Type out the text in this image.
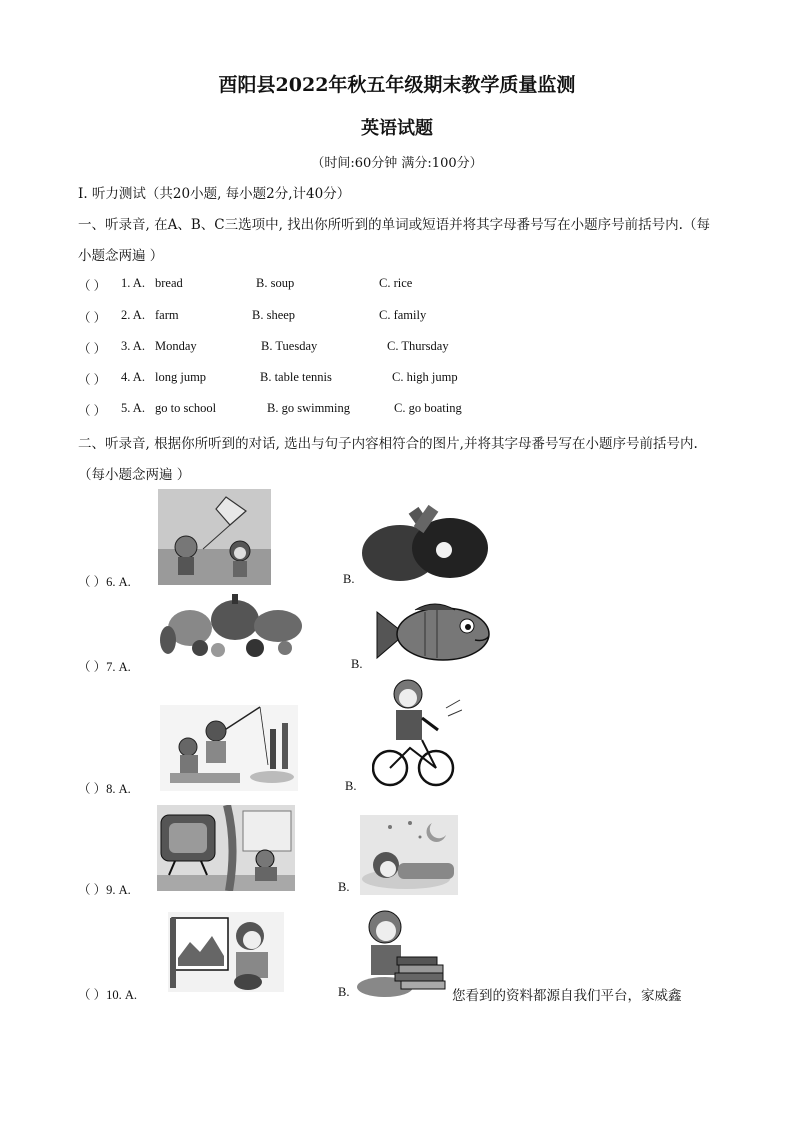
酉阳县2022年秋五年级期末教学质量监测
英语试题
（时间:60分钟 满分:100分）
I. 听力测试（共20小题, 每小题2分,计40分）
一、听录音, 在A、B、C三选项中, 找出你所听到的单词或短语并将其字母番号写在小题序号前括号内.（每
小题念两遍 ）
（ ） 1. A. bread	B. soup	C. rice
（ ） 2. A. farm	B. sheep	C. family
（ ） 3. A. Monday	B. Tuesday	C. Thursday
（ ） 4. A. long jump	B. table tennis	C. high jump
（ ） 5. A. go to school	B. go swimming	C. go boating
二、听录音, 根据你所听到的对话, 选出与句子内容相符合的图片,并将其字母番号写在小题序号前括号内.
（每小题念两遍 ）
（ ）6. A.	B.
（ ）7. A.	B.
（ ）8. A.	B.
（ ）9. A.	B.
（ ）10. A.	B.	您看到的资料都源自我们平台，家威鑫
